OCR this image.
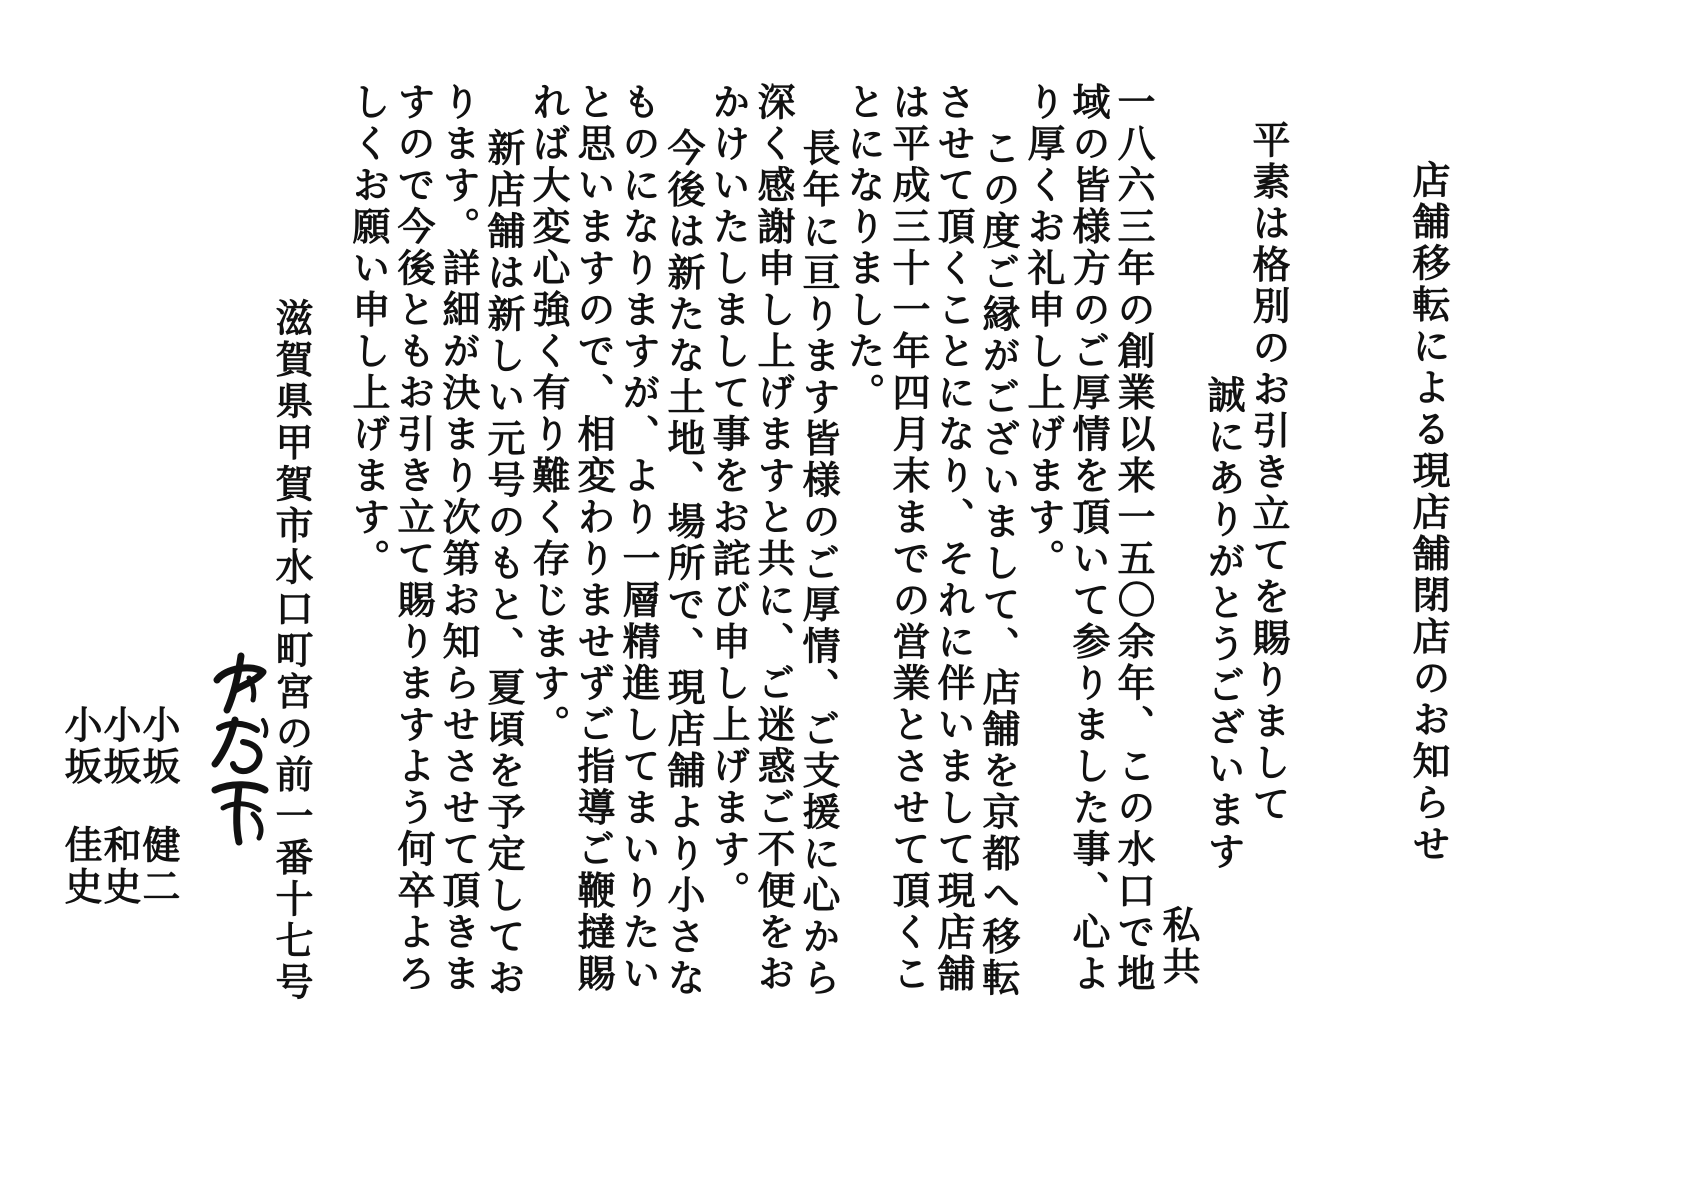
店舗移転による現店舗閉店のお知らせ
平素は格別のお引き立てを賜りまして
誠にありがとうございます
私共
一八六三年の創業以来一五〇余年、この水口で地
域の皆様方のご厚情を頂いて参りました事、心よ
り厚くお礼申し上げます。
この度ご縁がございまして、店舗を京都へ移転
させて頂くことになり、それに伴いまして現店舗
は平成三十一年四月末までの営業とさせて頂くこ
とになりました。
長年に亘ります皆様のご厚情、ご支援に心から
深く感謝申し上げますと共に、ご迷惑ご不便をお
かけいたしまして事をお詫び申し上げます。
今後は新たな土地、場所で、現店舗より小さな
ものになりますが、より一層精進してまいりたい
と思いますので、相変わりませずご指導ご鞭撻賜
れば大変心強く有り難く存じます。
新店舗は新しい元号のもと、夏頃を予定してお
ります。詳細が決まり次第お知らせさせて頂きま
すので今後ともお引き立て賜りますよう何卒よろ
しくお願い申し上げます。
滋賀県甲賀市水口町宮の前一番十七号
小坂
健二
小坂
和史
小坂
佳史
